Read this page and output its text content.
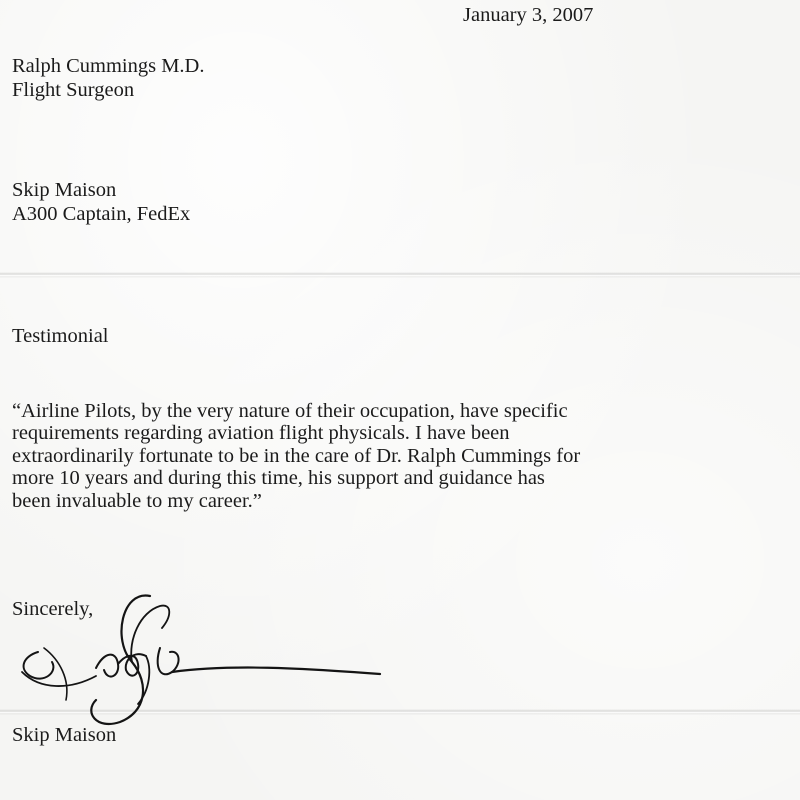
January 3, 2007

Ralph Cummings M.D.
Flight Surgeon

Skip Maison
A300 Captain, FedEx

Testimonial

“Airline Pilots, by the very nature of their occupation, have specific
requirements regarding aviation flight physicals. I have been
extraordinarily fortunate to be in the care of Dr. Ralph Cummings for
more 10 years and during this time, his support and guidance has
been invaluable to my career.”

Sincerely,

Skip Maison
